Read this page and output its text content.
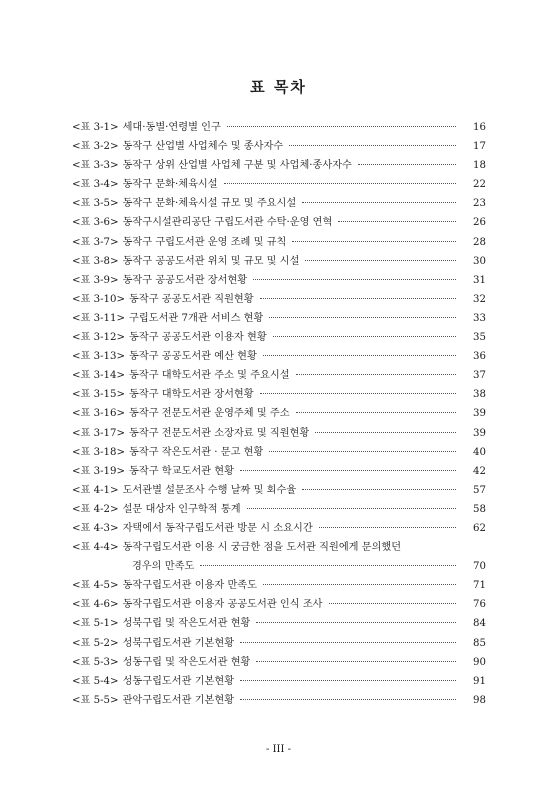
표 목차
<표 3-1> 세대·동별·연령별 인구	16
<표 3-2> 동작구 산업별 사업체수 및 종사자수	17
<표 3-3> 동작구 상위 산업별 사업체 구분 및 사업체·종사자수	18
<표 3-4> 동작구 문화·체육시설	22
<표 3-5> 동작구 문화·체육시설 규모 및 주요시설	23
<표 3-6> 동작구시설관리공단 구립도서관 수탁·운영 연혁	26
<표 3-7> 동작구 구립도서관 운영 조례 및 규칙	28
<표 3-8> 동작구 공공도서관 위치 및 규모 및 시설	30
<표 3-9> 동작구 공공도서관 장서현황	31
<표 3-10> 동작구 공공도서관 직원현황	32
<표 3-11> 구립도서관 7개관 서비스 현황	33
<표 3-12> 동작구 공공도서관 이용자 현황	35
<표 3-13> 동작구 공공도서관 예산 현황	36
<표 3-14> 동작구 대학도서관 주소 및 주요시설	37
<표 3-15> 동작구 대학도서관 장서현황	38
<표 3-16> 동작구 전문도서관 운영주체 및 주소	39
<표 3-17> 동작구 전문도서관 소장자료 및 직원현황	39
<표 3-18> 동작구 작은도서관 · 문고 현황	40
<표 3-19> 동작구 학교도서관 현황	42
<표 4-1> 도서관별 설문조사 수행 날짜 및 회수율	57
<표 4-2> 설문 대상자 인구학적 통계	58
<표 4-3> 자택에서 동작구립도서관 방문 시 소요시간	62
<표 4-4> 동작구립도서관 이용 시 궁금한 점을 도서관 직원에게 문의했던
경우의 만족도	70
<표 4-5> 동작구립도서관 이용자 만족도	71
<표 4-6> 동작구립도서관 이용자 공공도서관 인식 조사	76
<표 5-1> 성북구립 및 작은도서관 현황	84
<표 5-2> 성북구립도서관 기본현황	85
<표 5-3> 성동구립 및 작은도서관 현황	90
<표 5-4> 성동구립도서관 기본현황	91
<표 5-5> 관악구립도서관 기본현황	98
- III -
